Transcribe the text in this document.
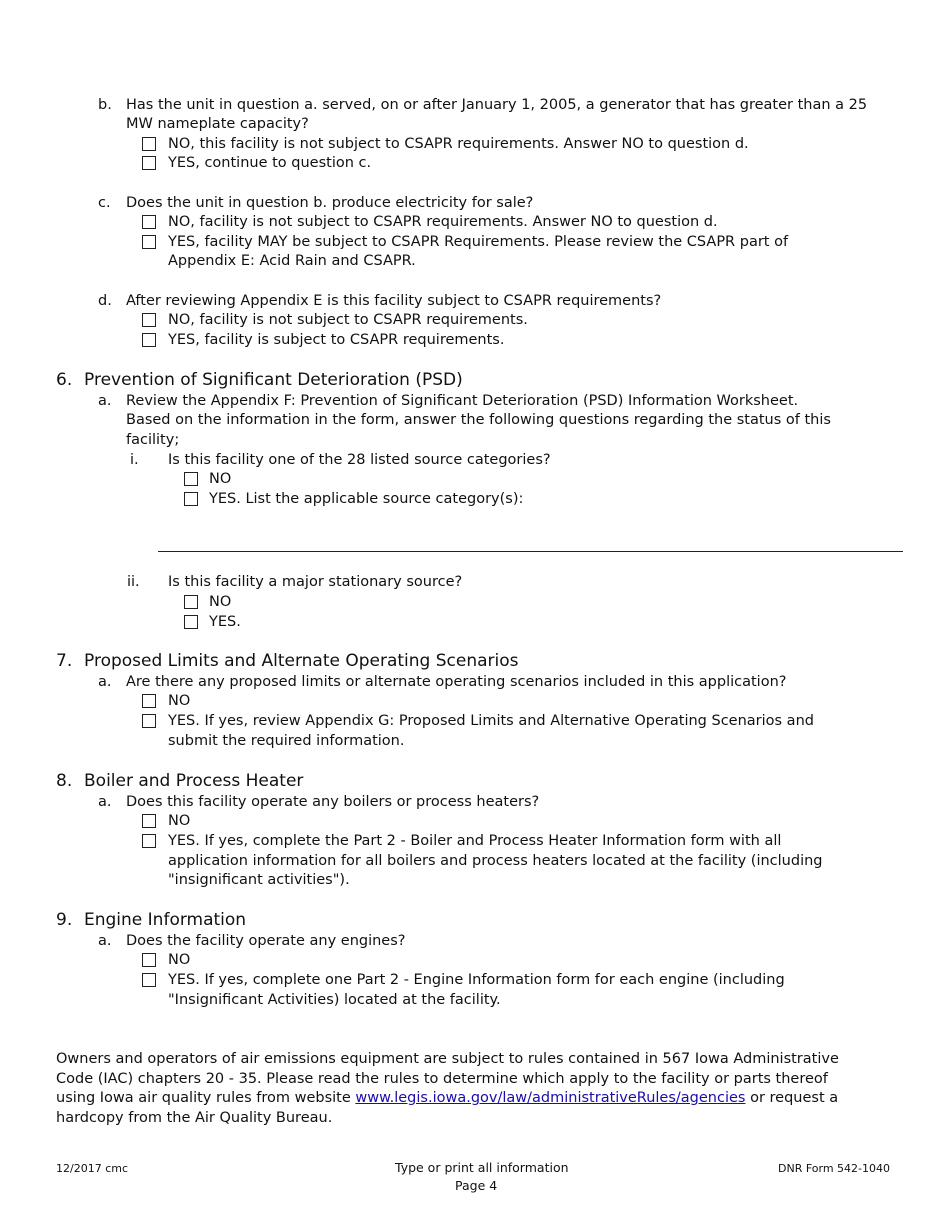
b. Has the unit in question a. served, on or after January 1, 2005, a generator that has greater than a 25
MW nameplate capacity?
NO, this facility is not subject to CSAPR requirements. Answer NO to question d.
YES, continue to question c.
c. Does the unit in question b. produce electricity for sale?
NO, facility is not subject to CSAPR requirements. Answer NO to question d.
YES, facility MAY be subject to CSAPR Requirements. Please review the CSAPR part of
Appendix E: Acid Rain and CSAPR.
d. After reviewing Appendix E is this facility subject to CSAPR requirements?
NO, facility is not subject to CSAPR requirements.
YES, facility is subject to CSAPR requirements.
6. Prevention of Significant Deterioration (PSD)
a. Review the Appendix F: Prevention of Significant Deterioration (PSD) Information Worksheet.
Based on the information in the form, answer the following questions regarding the status of this
facility;
i. Is this facility one of the 28 listed source categories?
NO
YES. List the applicable source category(s):
ii. Is this facility a major stationary source?
NO
YES.
7. Proposed Limits and Alternate Operating Scenarios
a. Are there any proposed limits or alternate operating scenarios included in this application?
NO
YES. If yes, review Appendix G: Proposed Limits and Alternative Operating Scenarios and
submit the required information.
8. Boiler and Process Heater
a. Does this facility operate any boilers or process heaters?
NO
YES. If yes, complete the Part 2 - Boiler and Process Heater Information form with all
application information for all boilers and process heaters located at the facility (including
"insignificant activities").
9. Engine Information
a. Does the facility operate any engines?
NO
YES. If yes, complete one Part 2 - Engine Information form for each engine (including
"Insignificant Activities) located at the facility.
Owners and operators of air emissions equipment are subject to rules contained in 567 Iowa Administrative
Code (IAC) chapters 20 - 35. Please read the rules to determine which apply to the facility or parts thereof
using Iowa air quality rules from website www.legis.iowa.gov/law/administrativeRules/agencies or request a
hardcopy from the Air Quality Bureau.
12/2017 cmc	Type or print all information
Page 4
DNR Form 542-1040
